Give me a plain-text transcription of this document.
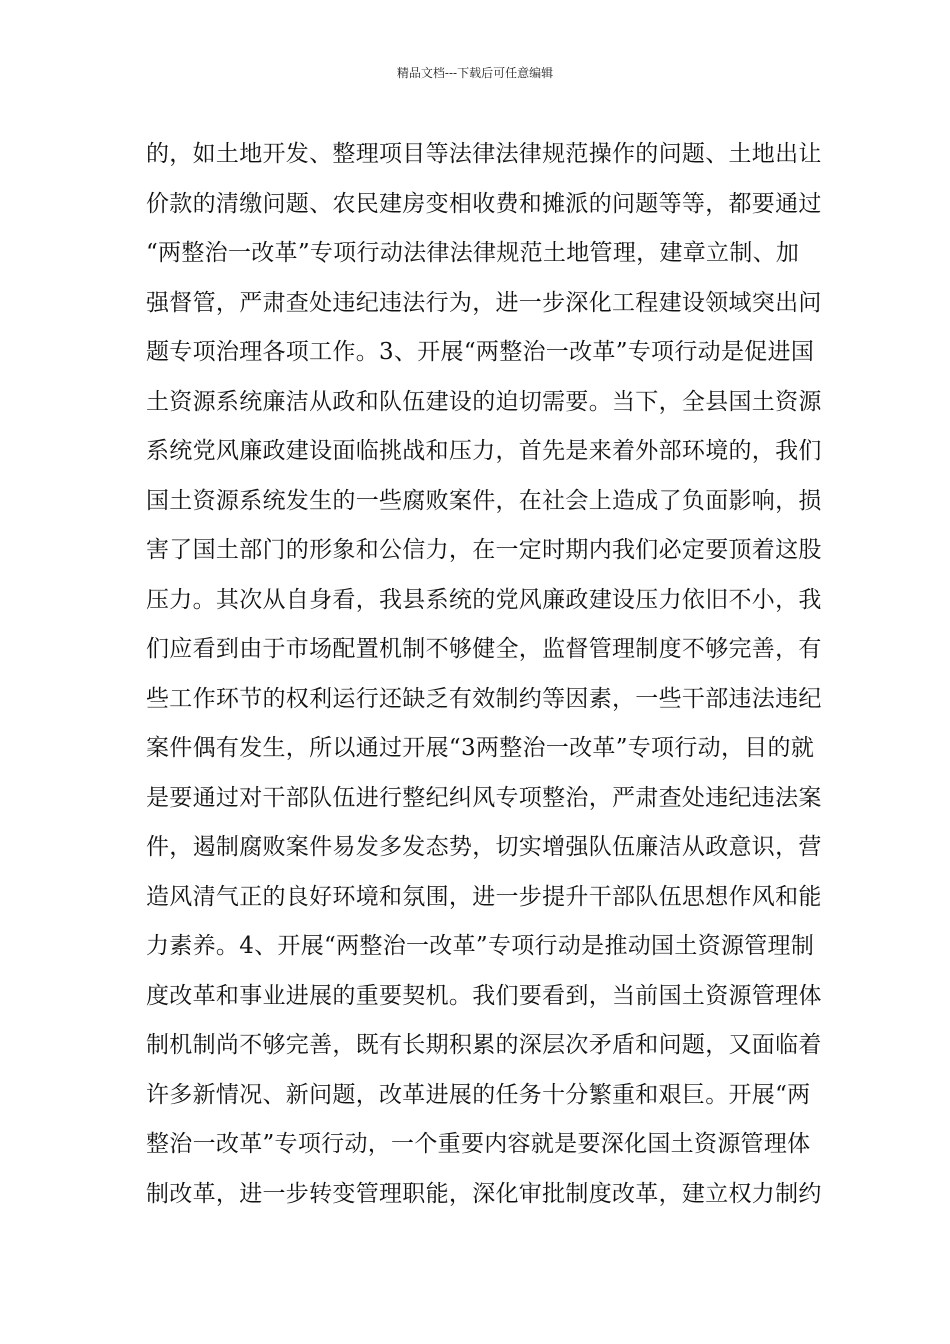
精品文档---下载后可任意编辑
的，如土地开发、整理项目等法律法律规范操作的问题、土地出让
价款的清缴问题、农民建房变相收费和摊派的问题等等，都要通过
“两整治一改革”专项行动法律法律规范土地管理，建章立制、加
强督管，严肃查处违纪违法行为，进一步深化工程建设领域突出问
题专项治理各项工作。3、开展“两整治一改革”专项行动是促进国
土资源系统廉洁从政和队伍建设的迫切需要。当下，全县国土资源
系统党风廉政建设面临挑战和压力，首先是来着外部环境的，我们
国土资源系统发生的一些腐败案件，在社会上造成了负面影响，损
害了国土部门的形象和公信力，在一定时期内我们必定要顶着这股
压力。其次从自身看，我县系统的党风廉政建设压力依旧不小，我
们应看到由于市场配置机制不够健全，监督管理制度不够完善，有
些工作环节的权利运行还缺乏有效制约等因素，一些干部违法违纪
案件偶有发生，所以通过开展“3两整治一改革”专项行动，目的就
是要通过对干部队伍进行整纪纠风专项整治，严肃查处违纪违法案
件，遏制腐败案件易发多发态势，切实增强队伍廉洁从政意识，营
造风清气正的良好环境和氛围，进一步提升干部队伍思想作风和能
力素养。4、开展“两整治一改革”专项行动是推动国土资源管理制
度改革和事业进展的重要契机。我们要看到，当前国土资源管理体
制机制尚不够完善，既有长期积累的深层次矛盾和问题，又面临着
许多新情况、新问题，改革进展的任务十分繁重和艰巨。开展“两
整治一改革”专项行动，一个重要内容就是要深化国土资源管理体
制改革，进一步转变管理职能，深化审批制度改革，建立权力制约
